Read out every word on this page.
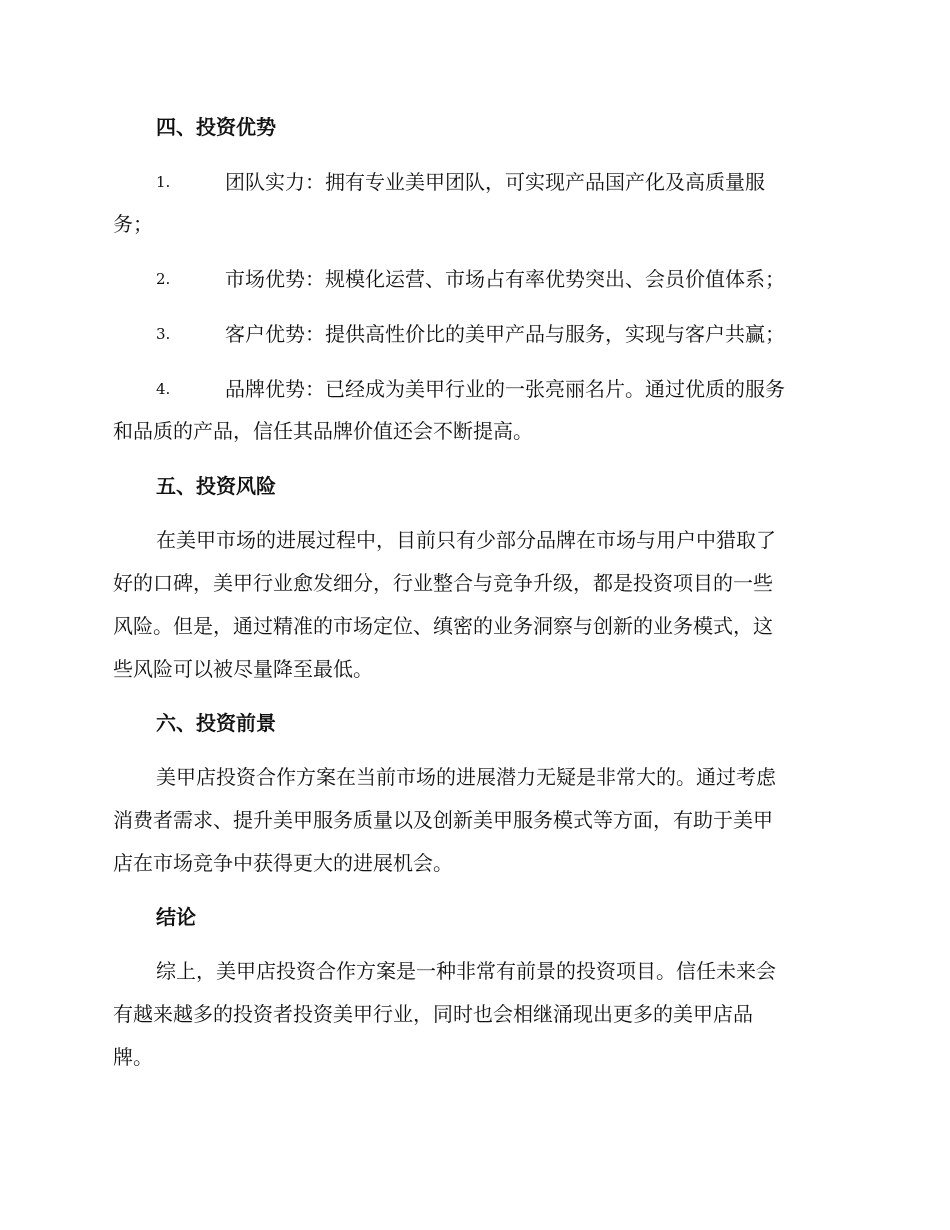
四、投资优势
1.	团队实力：拥有专业美甲团队，可实现产品国产化及高质量服
务；
2.	市场优势：规模化运营、市场占有率优势突出、会员价值体系；
3.	客户优势：提供高性价比的美甲产品与服务，实现与客户共赢；
4.	品牌优势：已经成为美甲行业的一张亮丽名片。通过优质的服务
和品质的产品，信任其品牌价值还会不断提高。
五、投资风险
在美甲市场的进展过程中，目前只有少部分品牌在市场与用户中猎取了
好的口碑，美甲行业愈发细分，行业整合与竞争升级，都是投资项目的一些
风险。但是，通过精准的市场定位、缜密的业务洞察与创新的业务模式，这
些风险可以被尽量降至最低。
六、投资前景
美甲店投资合作方案在当前市场的进展潜力无疑是非常大的。通过考虑
消费者需求、提升美甲服务质量以及创新美甲服务模式等方面，有助于美甲
店在市场竞争中获得更大的进展机会。
结论
综上，美甲店投资合作方案是一种非常有前景的投资项目。信任未来会
有越来越多的投资者投资美甲行业，同时也会相继涌现出更多的美甲店品
牌。
